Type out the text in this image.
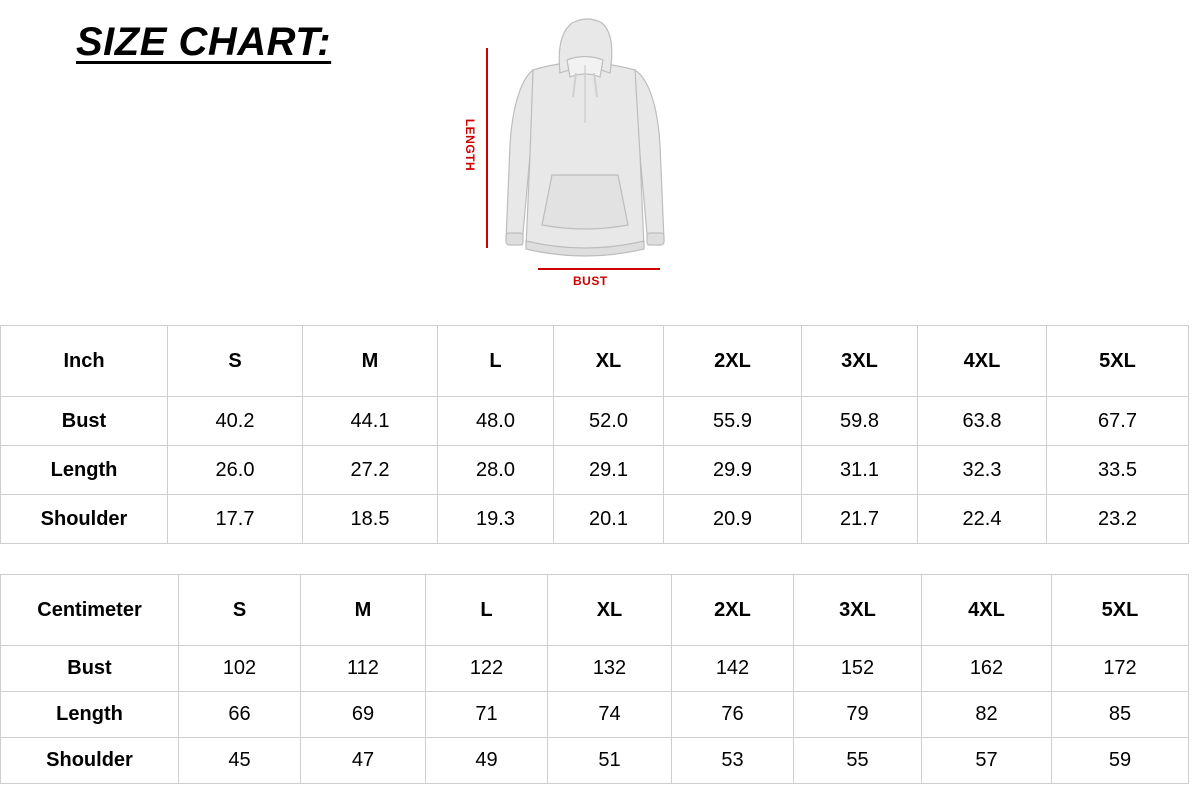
SIZE CHART:
LENGTH
BUST
Inch	S	M	L	XL	2XL	3XL	4XL	5XL
Bust	40.2	44.1	48.0	52.0	55.9	59.8	63.8	67.7
Length	26.0	27.2	28.0	29.1	29.9	31.1	32.3	33.5
Shoulder	17.7	18.5	19.3	20.1	20.9	21.7	22.4	23.2
Centimeter	S	M	L	XL	2XL	3XL	4XL	5XL
Bust	102	112	122	132	142	152	162	172
Length	66	69	71	74	76	79	82	85
Shoulder	45	47	49	51	53	55	57	59
